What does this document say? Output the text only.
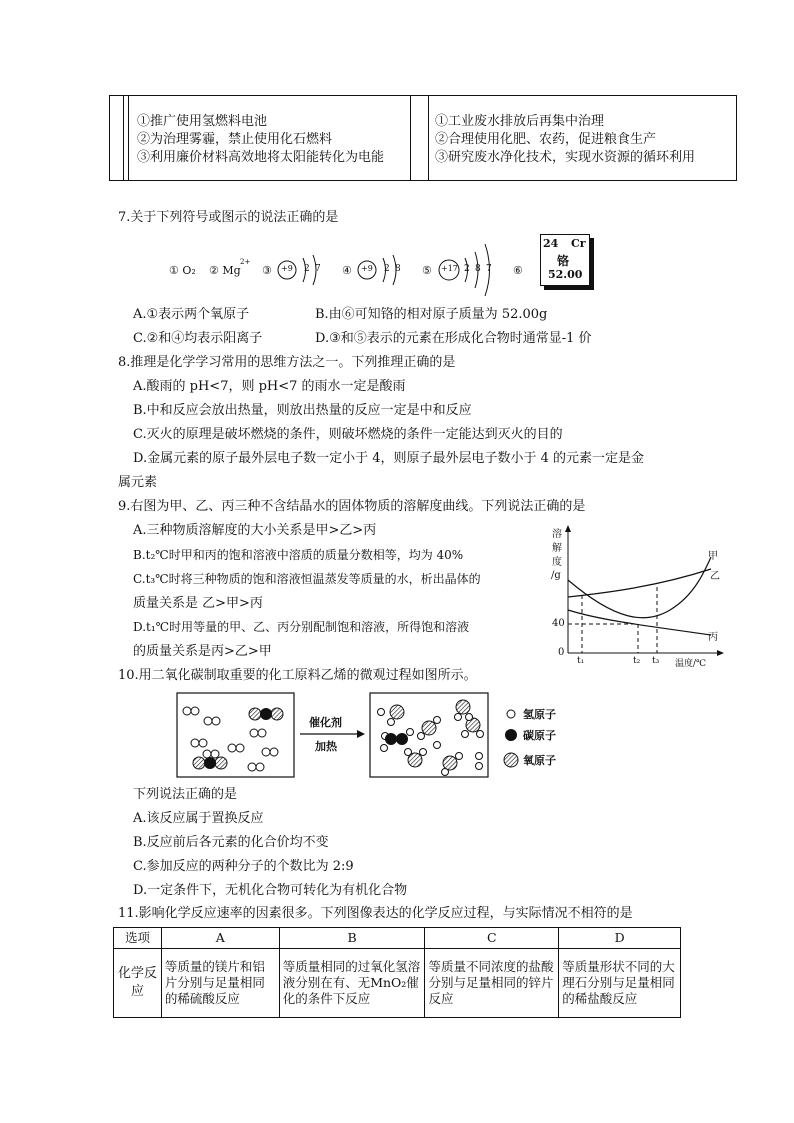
①推广使用氢燃料电池
②为治理雾霾，禁止使用化石燃料
③利用廉价材料高效地将太阳能转化为电能
①工业废水排放后再集中治理
②合理使用化肥、农药，促进粮食生产
③研究废水净化技术，实现水资源的循环利用
7.关于下列符号或图示的说法正确的是
① O₂ ② Mg
2+
③	④	⑤	⑥
+9 2 7	+9 2 8	+17 2 8 7
24 Cr
铬
52.00
A.①表示两个氧原子	B.由⑥可知铬的相对原子质量为 52.00g
C.②和④均表示阳离子	D.③和⑤表示的元素在形成化合物时通常显-1 价
8.推理是化学学习常用的思维方法之一。下列推理正确的是
A.酸雨的 pH<7，则 pH<7 的雨水一定是酸雨
B.中和反应会放出热量，则放出热量的反应一定是中和反应
C.灭火的原理是破坏燃烧的条件，则破坏燃烧的条件一定能达到灭火的目的
D.金属元素的原子最外层电子数一定小于 4，则原子最外层电子数小于 4 的元素一定是金
属元素
9.右图为甲、乙、丙三种不含结晶水的固体物质的溶解度曲线。下列说法正确的是
A.三种物质溶解度的大小关系是甲>乙>丙
B.t₂℃时甲和丙的饱和溶液中溶质的质量分数相等，均为 40%
C.t₃℃时将三种物质的饱和溶液恒温蒸发等质量的水，析出晶体的
质量关系是 乙>甲>丙
D.t₁℃时用等量的甲、乙、丙分别配制饱和溶液，所得饱和溶液
的质量关系是丙>乙>甲
溶
解
度
/g
40
0
t₁	t₂ t₃ 温度/℃
甲
乙
丙
10.用二氧化碳制取重要的化工原料乙烯的微观过程如图所示。
催化剂
加热
氢原子
碳原子
氧原子
下列说法正确的是
A.该反应属于置换反应
B.反应前后各元素的化合价均不变
C.参加反应的两种分子的个数比为 2:9
D.一定条件下，无机化合物可转化为有机化合物
11.影响化学反应速率的因素很多。下列图像表达的化学反应过程，与实际情况不相符的是
选项	A	B	C	D
化学反应	等质量的镁片和铝片分别与足量相同的稀硫酸反应	等质量相同的过氧化氢溶液分别在有、无MnO₂催化的条件下反应	等质量不同浓度的盐酸分别与足量相同的锌片反应	等质量形状不同的大理石分别与足量相同的稀盐酸反应
